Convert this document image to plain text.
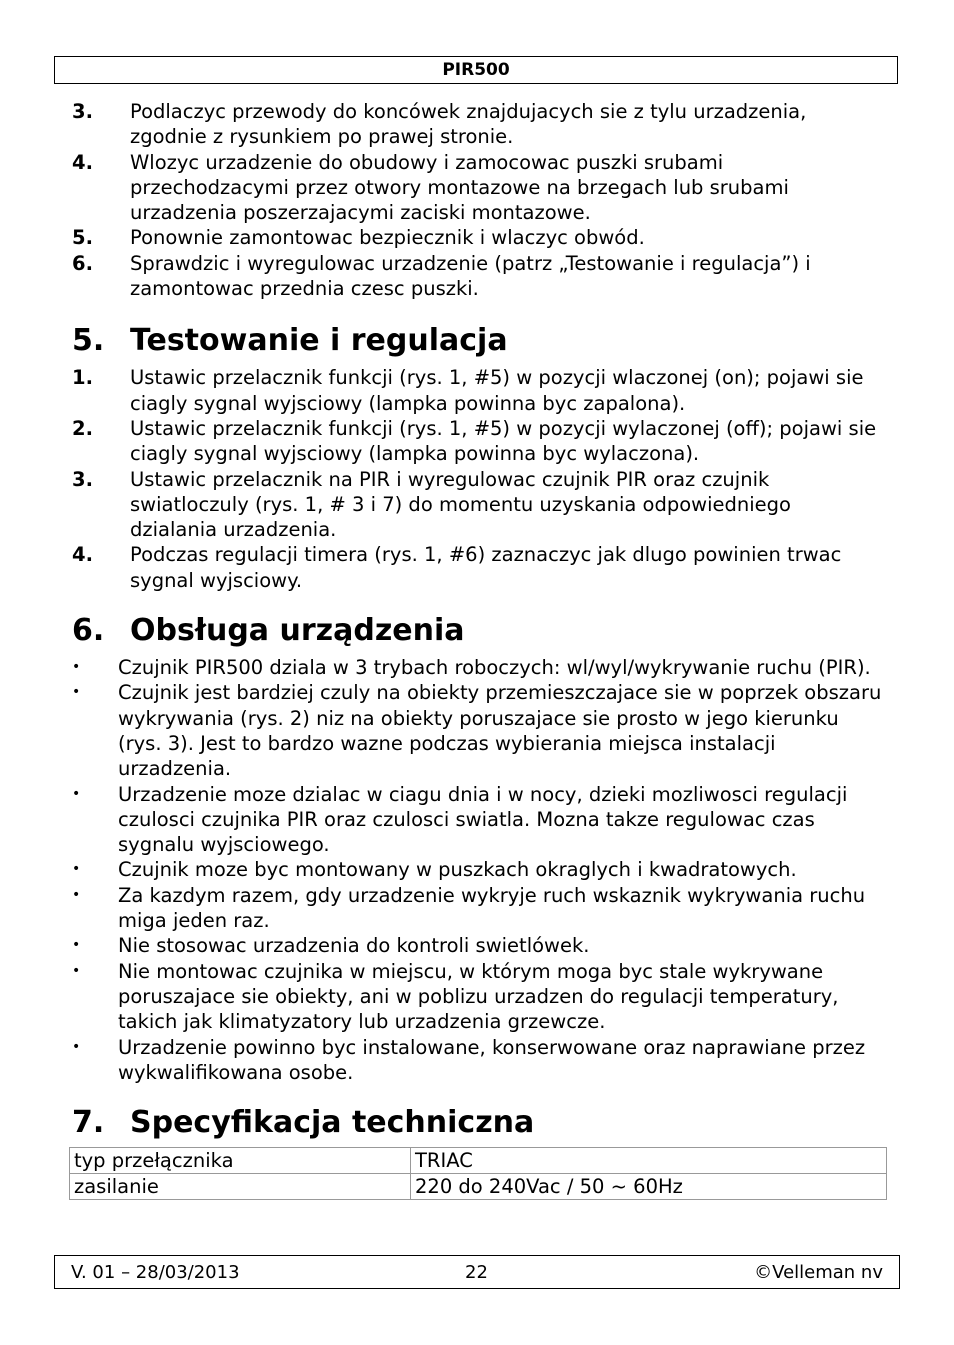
PIR500
3. Podlaczyc przewody do koncówek znajdujacych sie z tylu urzadzenia, zgodnie z rysunkiem po prawej stronie.
4. Wlozyc urzadzenie do obudowy i zamocowac puszki srubami przechodzacymi przez otwory montazowe na brzegach lub srubami urzadzenia poszerzajacymi zaciski montazowe.
5. Ponownie zamontowac bezpiecznik i wlaczyc obwód.
6. Sprawdzic i wyregulowac urzadzenie (patrz „Testowanie i regulacja”) i zamontowac przednia czesc puszki.
5. Testowanie i regulacja
1. Ustawic przelacznik funkcji (rys. 1, #5) w pozycji wlaczonej (on); pojawi sie ciagly sygnal wyjsciowy (lampka powinna byc zapalona).
2. Ustawic przelacznik funkcji (rys. 1, #5) w pozycji wylaczonej (off); pojawi sie ciagly sygnal wyjsciowy (lampka powinna byc wylaczona).
3. Ustawic przelacznik na PIR i wyregulowac czujnik PIR oraz czujnik swiatloczuly (rys. 1, # 3 i 7) do momentu uzyskania odpowiedniego dzialania urzadzenia.
4. Podczas regulacji timera (rys. 1, #6) zaznaczyc jak dlugo powinien trwac sygnal wyjsciowy.
6. Obsługa urządzenia
• Czujnik PIR500 dziala w 3 trybach roboczych: wl/wyl/wykrywanie ruchu (PIR).
• Czujnik jest bardziej czuly na obiekty przemieszczajace sie w poprzek obszaru wykrywania (rys. 2) niz na obiekty poruszajace sie prosto w jego kierunku (rys. 3). Jest to bardzo wazne podczas wybierania miejsca instalacji urzadzenia.
• Urzadzenie moze dzialac w ciagu dnia i w nocy, dzieki mozliwosci regulacji czulosci czujnika PIR oraz czulosci swiatla. Mozna takze regulowac czas sygnalu wyjsciowego.
• Czujnik moze byc montowany w puszkach okraglych i kwadratowych.
• Za kazdym razem, gdy urzadzenie wykryje ruch wskaznik wykrywania ruchu miga jeden raz.
• Nie stosowac urzadzenia do kontroli swietlówek.
• Nie montowac czujnika w miejscu, w którym moga byc stale wykrywane poruszajace sie obiekty, ani w poblizu urzadzen do regulacji temperatury, takich jak klimatyzatory lub urzadzenia grzewcze.
• Urzadzenie powinno byc instalowane, konserwowane oraz naprawiane przez wykwalifikowana osobe.
7. Specyfikacja techniczna
typ przełącznika	TRIAC
zasilanie	220 do 240Vac / 50 ~ 60Hz
V. 01 – 28/03/2013	22	©Velleman nv
